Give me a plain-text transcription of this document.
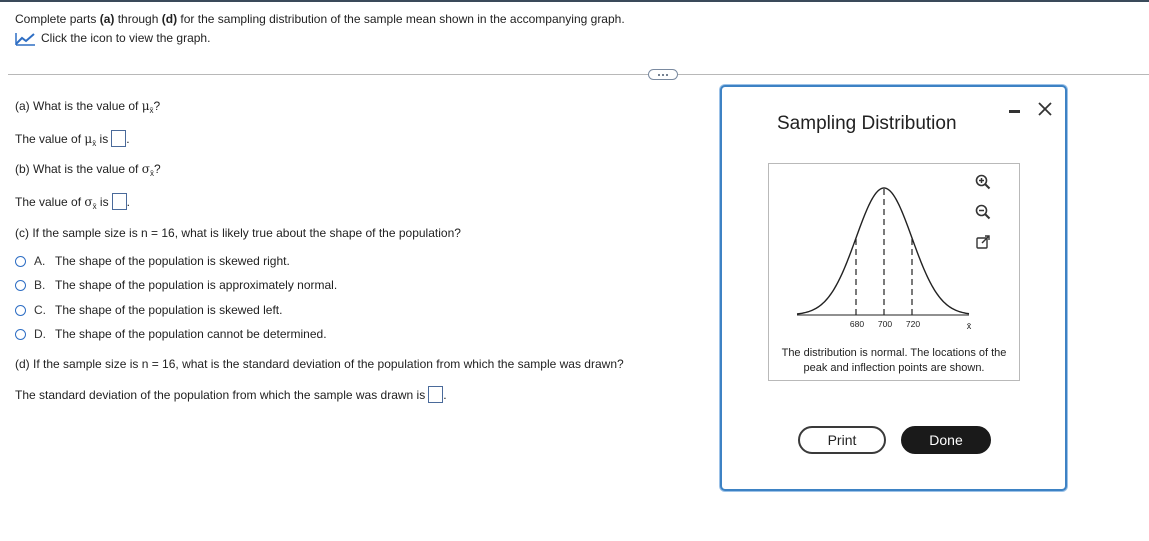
Complete parts (a) through (d) for the sampling distribution of the sample mean shown in the accompanying graph.
Click the icon to view the graph.
(a) What is the value of $\mu_{x̄}$?
The value of $\mu_{x̄}$ is .
(b) What is the value of $\sigma_{x̄}$?
The value of $\sigma_{x̄}$ is .
(c) If the sample size is n = 16, what is likely true about the shape of the population?
A. The shape of the population is skewed right.
B. The shape of the population is approximately normal.
C. The shape of the population is skewed left.
D. The shape of the population cannot be determined.
(d) If the sample size is n = 16, what is the standard deviation of the population from which the sample was drawn?
The standard deviation of the population from which the sample was drawn is .
Sampling Distribution
680 700 720	x̄
The distribution is normal. The locations of the
peak and inflection points are shown.
Print	Done
